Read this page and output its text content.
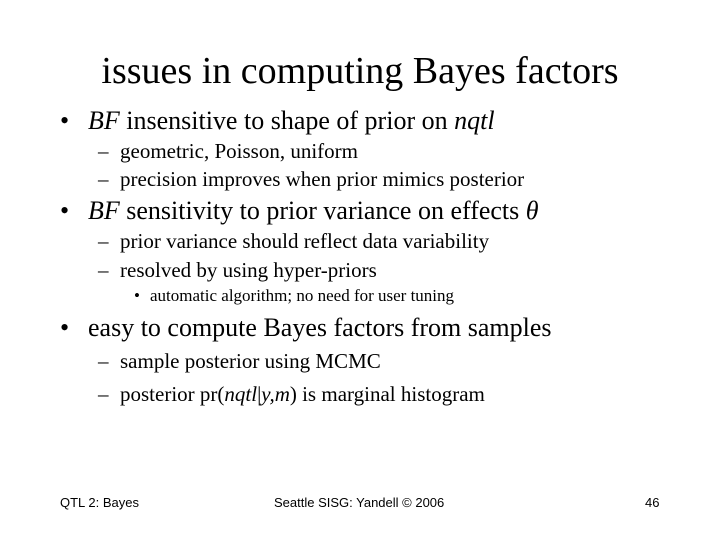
issues in computing Bayes factors
• BF insensitive to shape of prior on nqtl
– geometric, Poisson, uniform
– precision improves when prior mimics posterior
• BF sensitivity to prior variance on effects θ
– prior variance should reflect data variability
– resolved by using hyper-priors
• automatic algorithm; no need for user tuning
• easy to compute Bayes factors from samples
– sample posterior using MCMC
– posterior pr(nqtl|y,m) is marginal histogram
QTL 2: Bayes	Seattle SISG: Yandell © 2006	46
